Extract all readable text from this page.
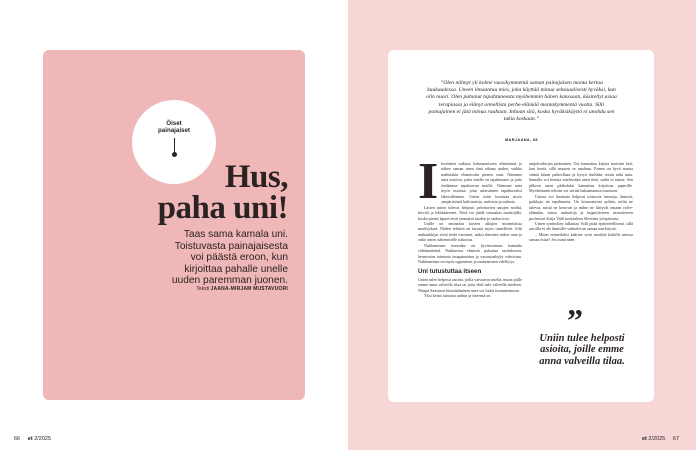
Öiset
painajaiset
Hus,
paha uni!
Taas sama kamala uni.
Toistuvasta painajaisesta
voi päästä eroon, kun
kirjoittaa pahalle unelle
uuden paremman juonen.
Teksti JAANA-MIRJAM MUSTAVUORI
66 et 2/2025
”Olen nähnyt yli kolme vuosikymmentä saman painajaisen monta kertaa kuukaudessa. Uneen ilmaantuu mies, joka käyttää minua seksuaalisesti hyväksi, kun olin nuori. Olen puhunut tapahtuneesta myöhemmin hänen kanssaan, käsitellyt asiaa terapiassa ja elänyt onnellista perhe-elämää montakymmentä vuotta. Silti painajainen ei jätä minua rauhaan. Inhoan sitä, koska hyväksikäyttö ei unohdu sen takia koskaan.”
MARJAANA, 68
I lmiöinen tuikkaa kohmaneiseen elämäänsä ja näkee saman unen tänä aikana uuden, vaikka mahtaakin elämävaiin pienen osan. Näemme unta asioista, jotka meille on tapahtuneet ja joita tiedämme tapahtuvan muille. Näemme unta myös asioista, joita salaisimme tapahtuvaksi läheisillemme. Unien tulee kavuttaa myös ympäristöstä kulttuurista, uutisista ja sadusta.

Lasten unien tulevat helposti pelottavien satujen noidat, hirviöt ja lohikäärmeet. Niitä voi jäädä voimakas muistijälki, koska pienet lapset eivät ymmärrä tuoden ja sadun eroa.

Unille on ominaista kuvien alkujen monenlaisia merkityksiä. Niiden tehtävä on turvata myös tiimelleset. Silti unihankkijat eivät tiedä varmasti, miksi ihminen näkee unta ja onko unien näkemiselle tarkoitus.

Nukkuminen itsessään on hyvinvoinnin kannalta välttämätöntä. Nukkuessa elimistö palautuu rasituksesta, hermoston toiminta tasapainottuu ja vastustuskyky vahvistuu. Nukkuminen on myös oppimisen ja muistamisen edellytys.

Uni tutustuttaa itseen

Unien tulee helposti asioita, joilla vaivaavat mieltä, mutta joille emme anna valveilla tilaa tai joita ehdi tule valveilla mieleen. Niinpä Saavinen kiinnittäminen unia voi lisätä itsetuntemusta.

Yksi keino tutustua unihin ja itseensä on

unipäiväkirjan pitäminen. Uni kannattaa kirjata muistiin heti, kun herää, sillä muuten se unohtuu. Ennen on hyvä muuta sitmät kiinni paikoillaan ja kysyä itseltään, mistä näki unta. Samalla voi kertata mielessään unen tietä, miltä se tuntui. Sen jälkeen unen pääkohdat kannattaa kirjoittaa paperille. Myöhemmin tekstin voi siirtää haluamaansa muotoon.

Unissa voi huomata helposti toistuvia teemoja, ihmisiä, paikkoja tai tapahtumia. On kiinnostavaa pohtia, miltä ne tulevat, mistä ne kertovat ja mihin ne liittyvät omaan valve-elämään, sanoo unitutkija ja kognitiivinen neurotieteen professori Katja Valli tuottaaleen Sleviden yliopistosta.

Unien symbolien tulkintaa Valli pitää epätieteellisenä, sillä asioilla ei ole ihmisille vaihtelevan samaa merkitystä.

– Miten esimerkiksi käärme voisi merkitä kaikille unessa samaa asiaa? Jos minä näen

”
Uniin tulee helposti asioita, joille emme anna valveilla tilaa.
et 2/2025 67
